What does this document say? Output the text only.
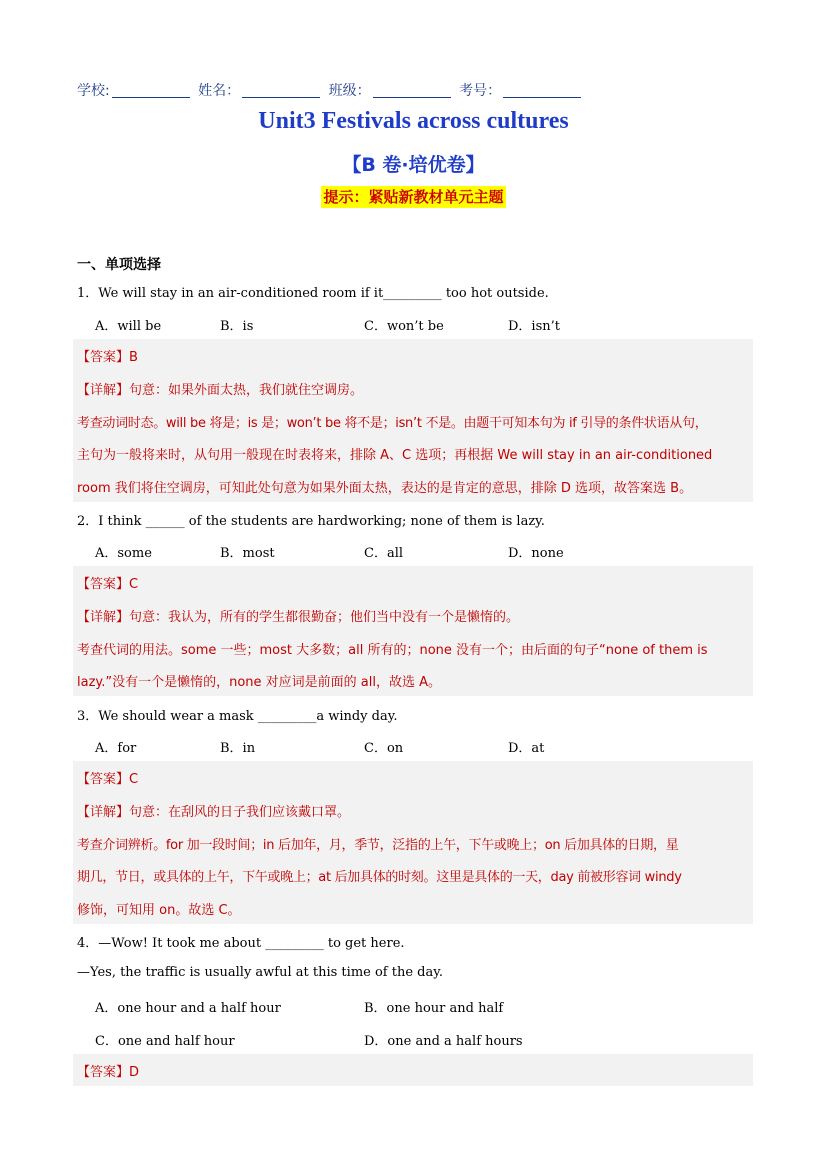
学校:	姓名：	班级：	考号：
Unit3 Festivals across cultures
【B 卷·培优卷】
提示：紧贴新教材单元主题
一、单项选择
1．We will stay in an air-conditioned room if it_________ too hot outside.
A．will be	B．is	C．won’t be	D．isn’t
【答案】B
【详解】句意：如果外面太热，我们就住空调房。
考查动词时态。will be 将是；is 是；won’t be 将不是；isn’t 不是。由题干可知本句为 if 引导的条件状语从句，
主句为一般将来时，从句用一般现在时表将来，排除 A、C 选项；再根据 We will stay in an air-conditioned
room 我们将住空调房，可知此处句意为如果外面太热，表达的是肯定的意思，排除 D 选项，故答案选 B。
2．I think ______ of the students are hardworking; none of them is lazy.
A．some	B．most	C．all	D．none
【答案】C
【详解】句意：我认为，所有的学生都很勤奋；他们当中没有一个是懒惰的。
考查代词的用法。some 一些；most 大多数；all 所有的；none 没有一个；由后面的句子“none of them is
lazy.”没有一个是懒惰的，none 对应词是前面的 all，故选 A。
3．We should wear a mask _________a windy day.
A．for	B．in	C．on	D．at
【答案】C
【详解】句意：在刮风的日子我们应该戴口罩。
考查介词辨析。for 加一段时间；in 后加年，月，季节，泛指的上午，下午或晚上；on 后加具体的日期，星
期几，节日，或具体的上午，下午或晚上；at 后加具体的时刻。这里是具体的一天，day 前被形容词 windy
修饰，可知用 on。故选 C。
4．—Wow! It took me about _________ to get here.
—Yes, the traffic is usually awful at this time of the day.
A．one hour and a half hour	B．one hour and half
C．one and half hour	D．one and a half hours
【答案】D
